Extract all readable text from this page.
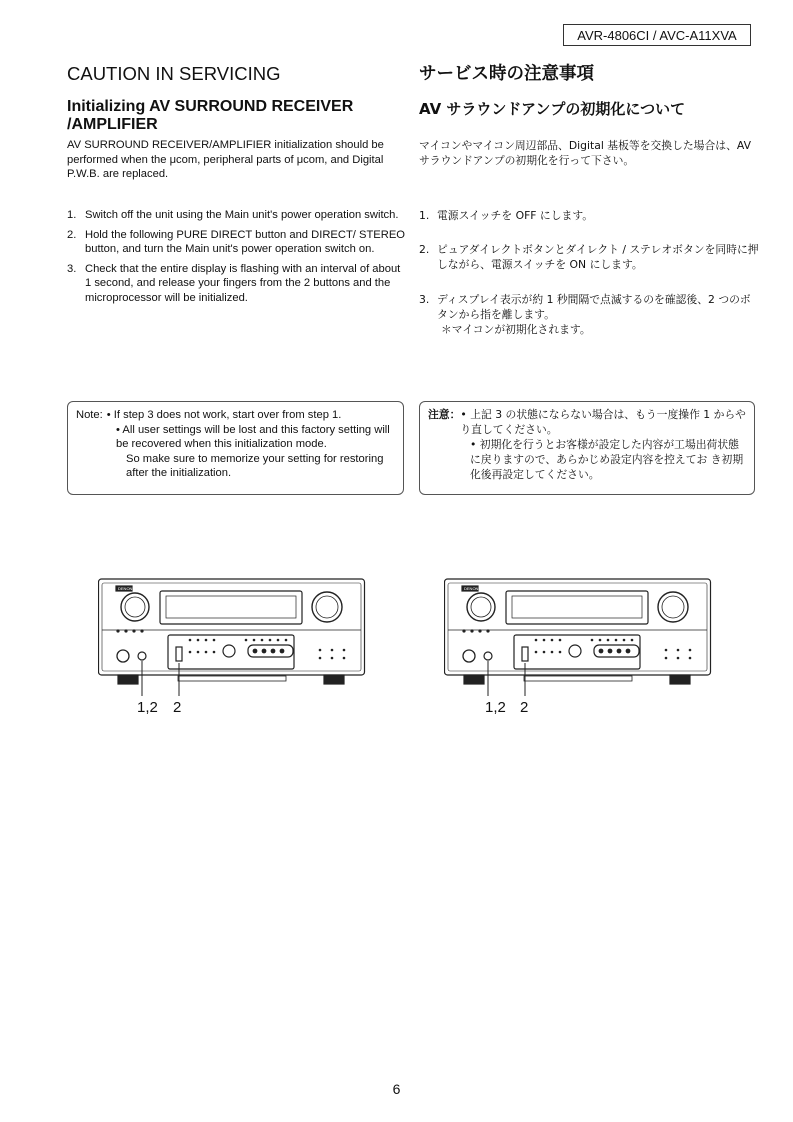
AVR-4806CI / AVC-A11XVA
CAUTION IN SERVICING
Initializing AV SURROUND RECEIVER /AMPLIFIER

AV SURROUND RECEIVER/AMPLIFIER initialization should be performed when the μcom, peripheral parts of μcom, and Digital P.W.B. are replaced.

1. Switch off the unit using the Main unit's power operation switch.
2. Hold the following PURE DIRECT button and DIRECT/ STEREO button, and turn the Main unit's power operation switch on.
3. Check that the entire display is flashing with an interval of about 1 second, and release your fingers from the 2 buttons and the microprocessor will be initialized.
サービス時の注意事項
AV サラウンドアンプの初期化について

マイコンやマイコン周辺部品、Digital 基板等を交換した場合は、AV サラウンドアンプの初期化を行って下さい。

1. 電源スイッチを OFF にします。
2. ピュアダイレクトボタンとダイレクト / ステレオボタンを同時に押しながら、電源スイッチを ON にします。
3. ディスプレイ表示が約 1 秒間隔で点滅するのを確認後、2 つのボタンから指を離します。
＊マイコンが初期化されます。
Note: • If step 3 does not work, start over from step 1.
• All user settings will be lost and this factory setting will be recovered when this initialization mode.
So make sure to memorize your setting for restoring after the initialization.
注意： • 上記 3 の状態にならない場合は、もう一度操作 1 からやり直してください。
• 初期化を行うとお客様が設定した内容が工場出荷状態に戻りますので、あらかじめ設定内容を控えてお き初期化後再設定してください。
DENON
1,2 2
DENON
1,2 2
6
